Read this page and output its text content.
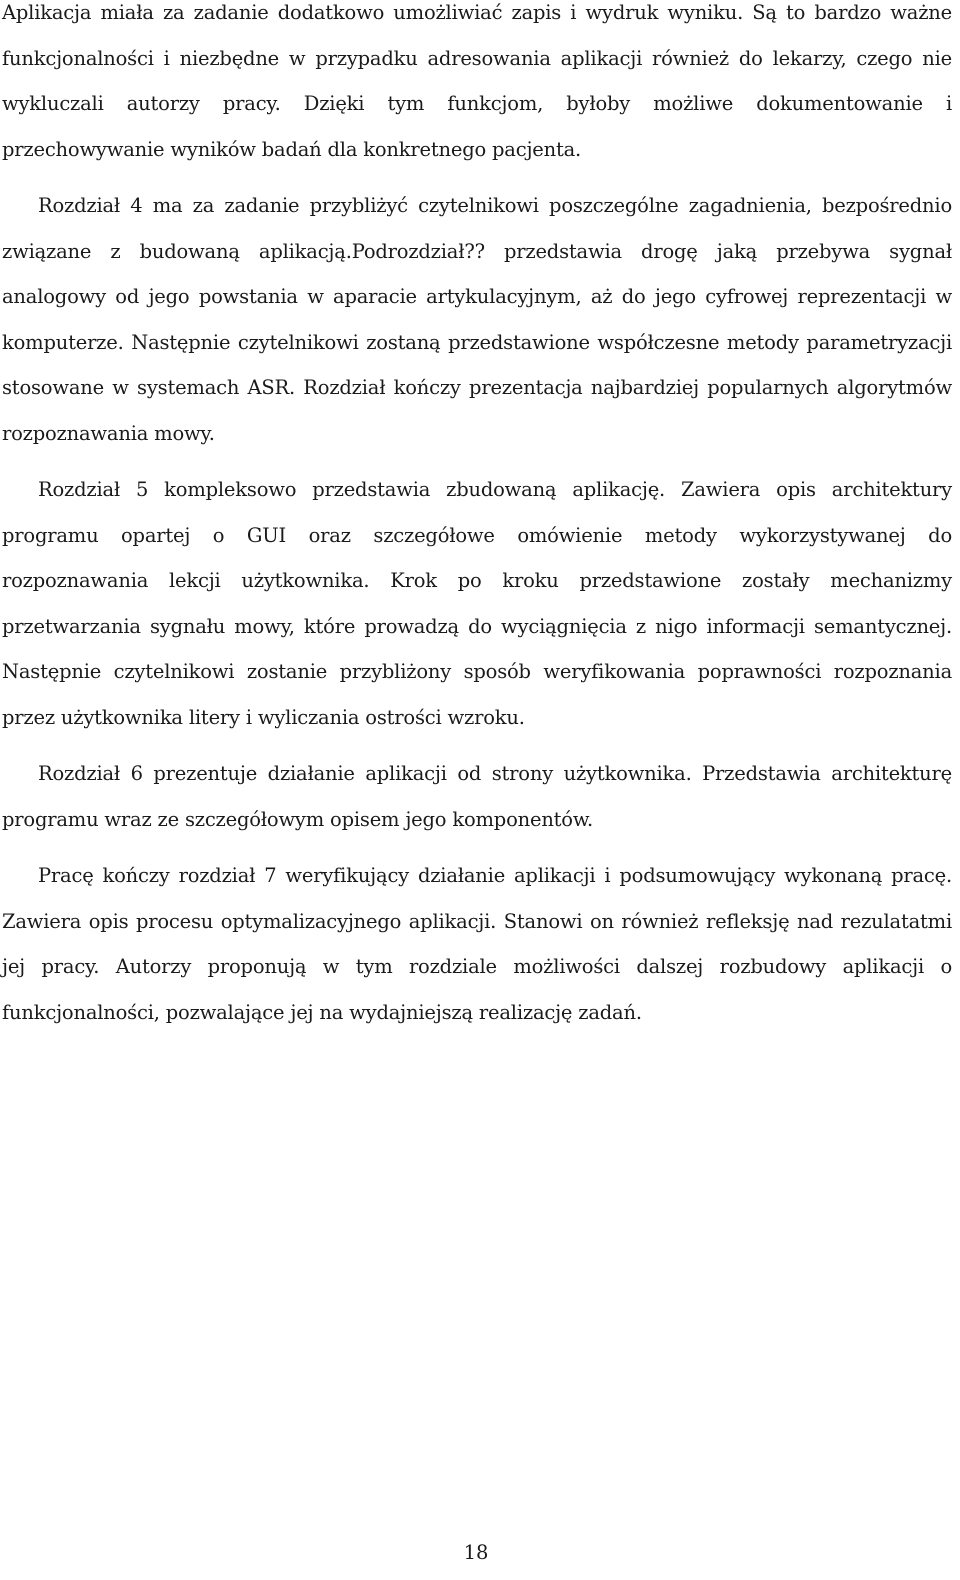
Aplikacja miała za zadanie dodatkowo umożliwiać zapis i wydruk wyniku. Są to bardzo ważne funkcjonalności i niezbędne w przypadku adresowania aplikacji również do lekarzy, czego nie wykluczali autorzy pracy. Dzięki tym funkcjom, byłoby możliwe dokumentowanie i przechowywanie wyników badań dla konkretnego pacjenta.

Rozdział 4 ma za zadanie przybliżyć czytelnikowi poszczególne zagadnienia, bezpośrednio związane z budowaną aplikacją.Podrozdział?? przedstawia drogę jaką przebywa sygnał analogowy od jego powstania w aparacie artykulacyjnym, aż do jego cyfrowej reprezentacji w komputerze. Następnie czytelnikowi zostaną przedstawione współczesne metody parametryzacji stosowane w systemach ASR. Rozdział kończy prezentacja najbardziej popularnych algorytmów rozpoznawania mowy.

Rozdział 5 kompleksowo przedstawia zbudowaną aplikację. Zawiera opis architektury programu opartej o GUI oraz szczegółowe omówienie metody wykorzystywanej do rozpoznawania lekcji użytkownika. Krok po kroku przedstawione zostały mechanizmy przetwarzania sygnału mowy, które prowadzą do wyciągnięcia z nigo informacji semantycznej. Następnie czytelnikowi zostanie przybliżony sposób weryfikowania poprawności rozpoznania przez użytkownika litery i wyliczania ostrości wzroku.

Rozdział 6 prezentuje działanie aplikacji od strony użytkownika. Przedstawia architekturę programu wraz ze szczegółowym opisem jego komponentów.

Pracę kończy rozdział 7 weryfikujący działanie aplikacji i podsumowujący wykonaną pracę. Zawiera opis procesu optymalizacyjnego aplikacji. Stanowi on również refleksję nad rezulatatmi jej pracy. Autorzy proponują w tym rozdziale możliwości dalszej rozbudowy aplikacji o funkcjonalności, pozwalające jej na wydajniejszą realizację zadań.

18
